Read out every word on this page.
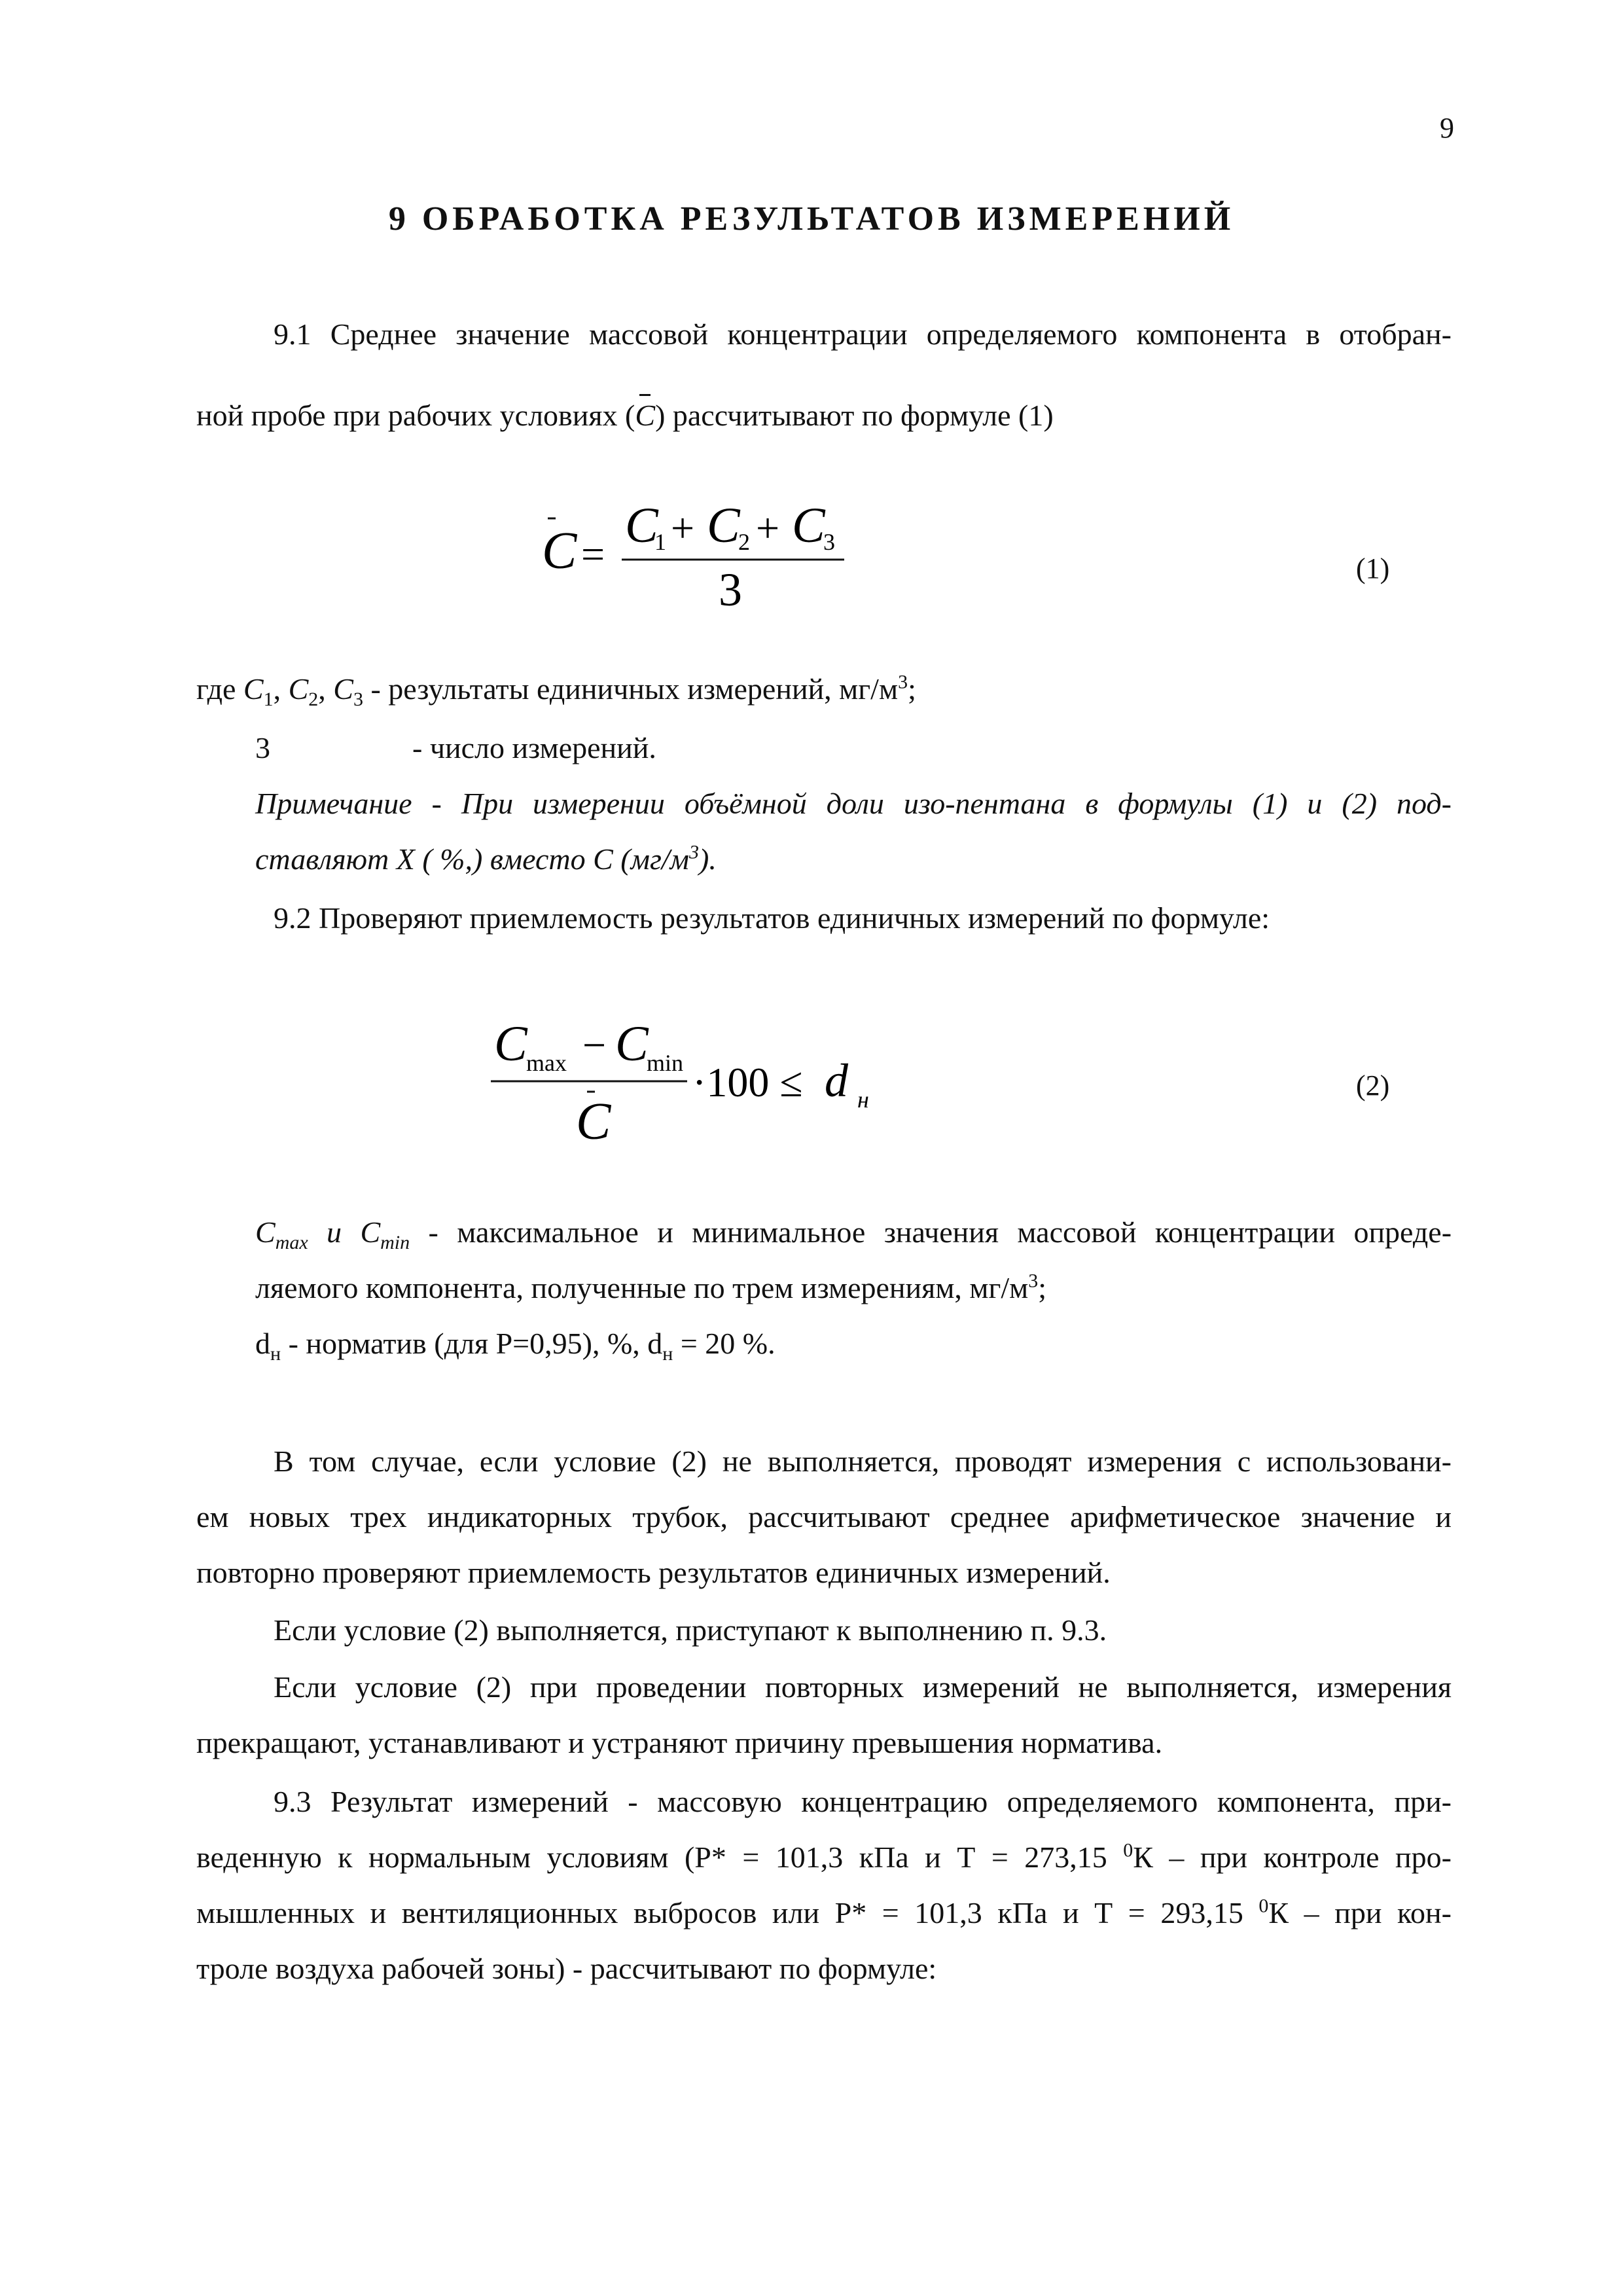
9
9 ОБРАБОТКА РЕЗУЛЬТАТОВ ИЗМЕРЕНИЙ
9.1 Среднее значение массовой концентрации определяемого компонента в отобран-
ной пробе при рабочих условиях (C) рассчитывают по формуле (1)
C =
C
1 + C
2 + C
3
3	(1)
где $C_1$, $C_2$, $C_3$ - результаты единичных измерений, $мг/м^3$;
3	- число измерений.
Примечание - При измерении объёмной доли изо-пентана в формулы (1) и (2) под-
ставляют X ( %,) вместо C $(мг/м^3)$.
9.2 Проверяют приемлемость результатов единичных измерений по формуле:
C
max − C
min
C
·100 ≤ d н	(2)
$C_{max}$ и $C_{min}$ - максимальное и минимальное значения массовой концентрации опреде-
ляемого компонента, полученные по трем измерениям, $мг/м^3$;
$d_н$ - норматив (для Р=0,95), %, $d_н = 20$ %.
В том случае, если условие (2) не выполняется, проводят измерения с использовани-
ем новых трех индикаторных трубок, рассчитывают среднее арифметическое значение и
повторно проверяют приемлемость результатов единичных измерений.
Если условие (2) выполняется, приступают к выполнению п. 9.3.
Если условие (2) при проведении повторных измерений не выполняется, измерения
прекращают, устанавливают и устраняют причину превышения норматива.
9.3 Результат измерений - массовую концентрацию определяемого компонента, при-
веденную к нормальным условиям (Р* = 101,3 кПа и Т = 273,15 $^0$К – при контроле про-
мышленных и вентиляционных выбросов или Р* = 101,3 кПа и Т = 293,15 $^0$К – при кон-
троле воздуха рабочей зоны) - рассчитывают по формуле:
